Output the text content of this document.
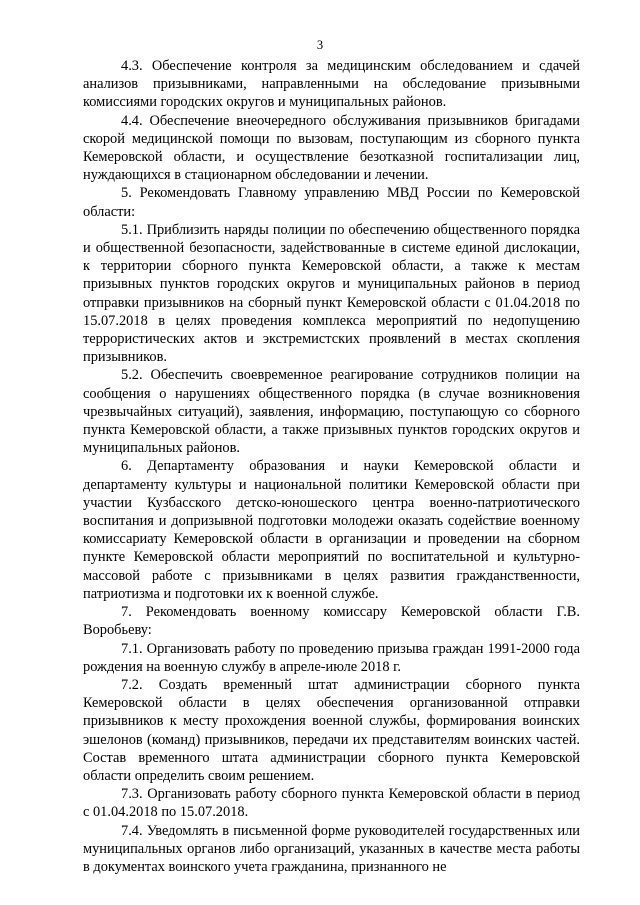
3

4.3. Обеспечение контроля за медицинским обследованием и сдачей анализов призывниками, направленными на обследование призывными комиссиями городских округов и муниципальных районов.

4.4. Обеспечение внеочередного обслуживания призывников бригадами скорой медицинской помощи по вызовам, поступающим из сборного пункта Кемеровской области, и осуществление безотказной госпитализации лиц, нуждающихся в стационарном обследовании и лечении.

5. Рекомендовать Главному управлению МВД России по Кемеровской области:

5.1. Приблизить наряды полиции по обеспечению общественного порядка и общественной безопасности, задействованные в системе единой дислокации, к территории сборного пункта Кемеровской области, а также к местам призывных пунктов городских округов и муниципальных районов в период отправки призывников на сборный пункт Кемеровской области с 01.04.2018 по 15.07.2018 в целях проведения комплекса мероприятий по недопущению террористических актов и экстремистских проявлений в местах скопления призывников.

5.2. Обеспечить своевременное реагирование сотрудников полиции на сообщения о нарушениях общественного порядка (в случае возникновения чрезвычайных ситуаций), заявления, информацию, поступающую со сборного пункта Кемеровской области, а также призывных пунктов городских округов и муниципальных районов.

6. Департаменту образования и науки Кемеровской области и департаменту культуры и национальной политики Кемеровской области при участии Кузбасского детско-юношеского центра военно-патриотического воспитания и допризывной подготовки молодежи оказать содействие военному комиссариату Кемеровской области в организации и проведении на сборном пункте Кемеровской области мероприятий по воспитательной и культурно-массовой работе с призывниками в целях развития гражданственности, патриотизма и подготовки их к военной службе.

7. Рекомендовать военному комиссару Кемеровской области Г.В. Воробьеву:

7.1. Организовать работу по проведению призыва граждан 1991-2000 года рождения на военную службу в апреле-июле 2018 г.

7.2. Создать временный штат администрации сборного пункта Кемеровской области в целях обеспечения организованной отправки призывников к месту прохождения военной службы, формирования воинских эшелонов (команд) призывников, передачи их представителям воинских частей. Состав временного штата администрации сборного пункта Кемеровской области определить своим решением.

7.3. Организовать работу сборного пункта Кемеровской области в период с 01.04.2018 по 15.07.2018.

7.4. Уведомлять в письменной форме руководителей государственных или муниципальных органов либо организаций, указанных в качестве места работы в документах воинского учета гражданина, признанного не
